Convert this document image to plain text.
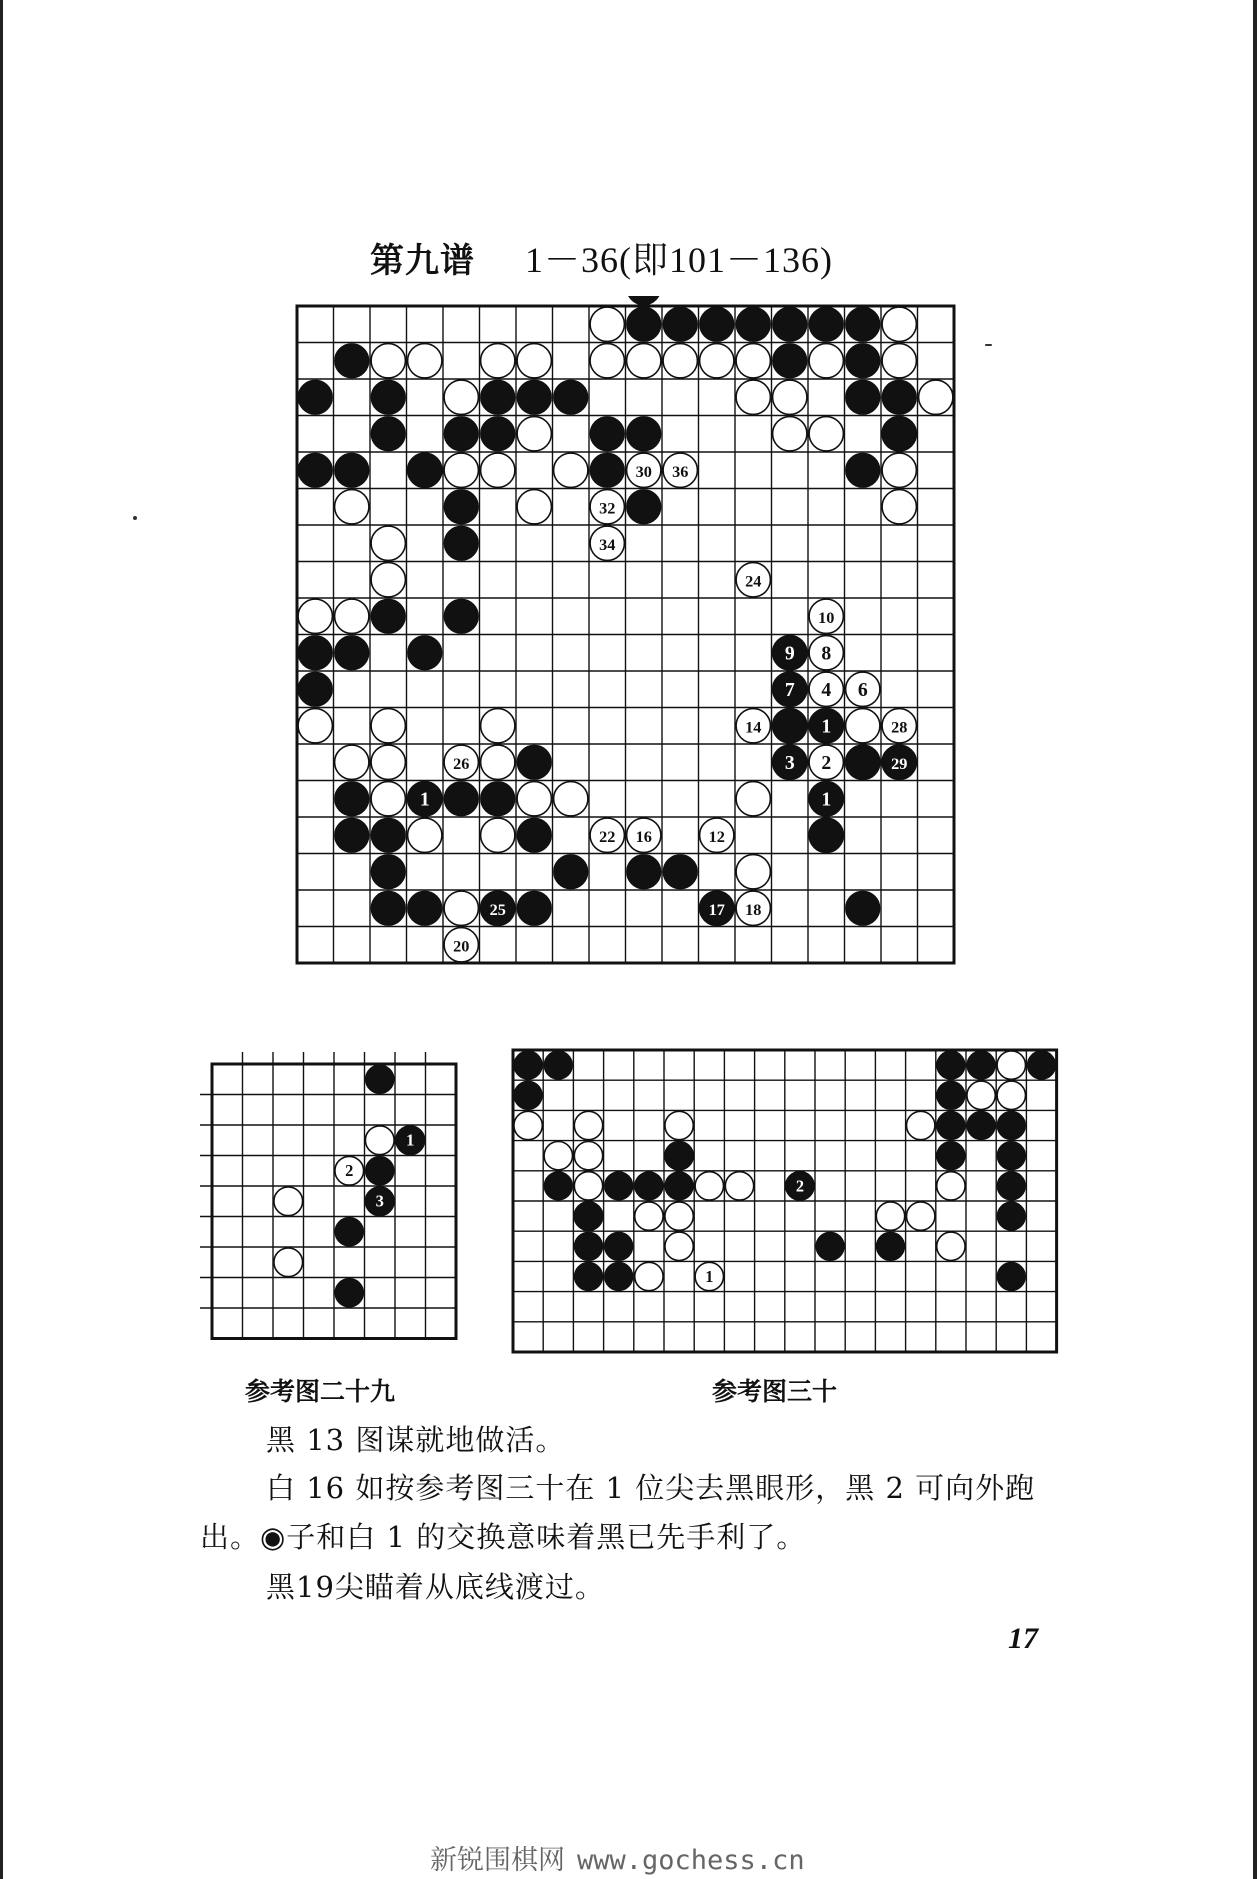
第九谱 1－36(即101－136)
30 36
32
34
24
10
9 8
7 4 6
14	1	28
3 2	29
26
1	1
22 16	12
25	17 18
20
1
2
3
2
1
参考图二十九	参考图三十
黑 13 图谋就地做活。
白 16 如按参考图三十在 1 位尖去黑眼形，黑 2 可向外跑
出。◉子和白 1 的交换意味着黑已先手利了。
黑19尖瞄着从底线渡过。
17
新锐围棋网 www.gochess.cn
